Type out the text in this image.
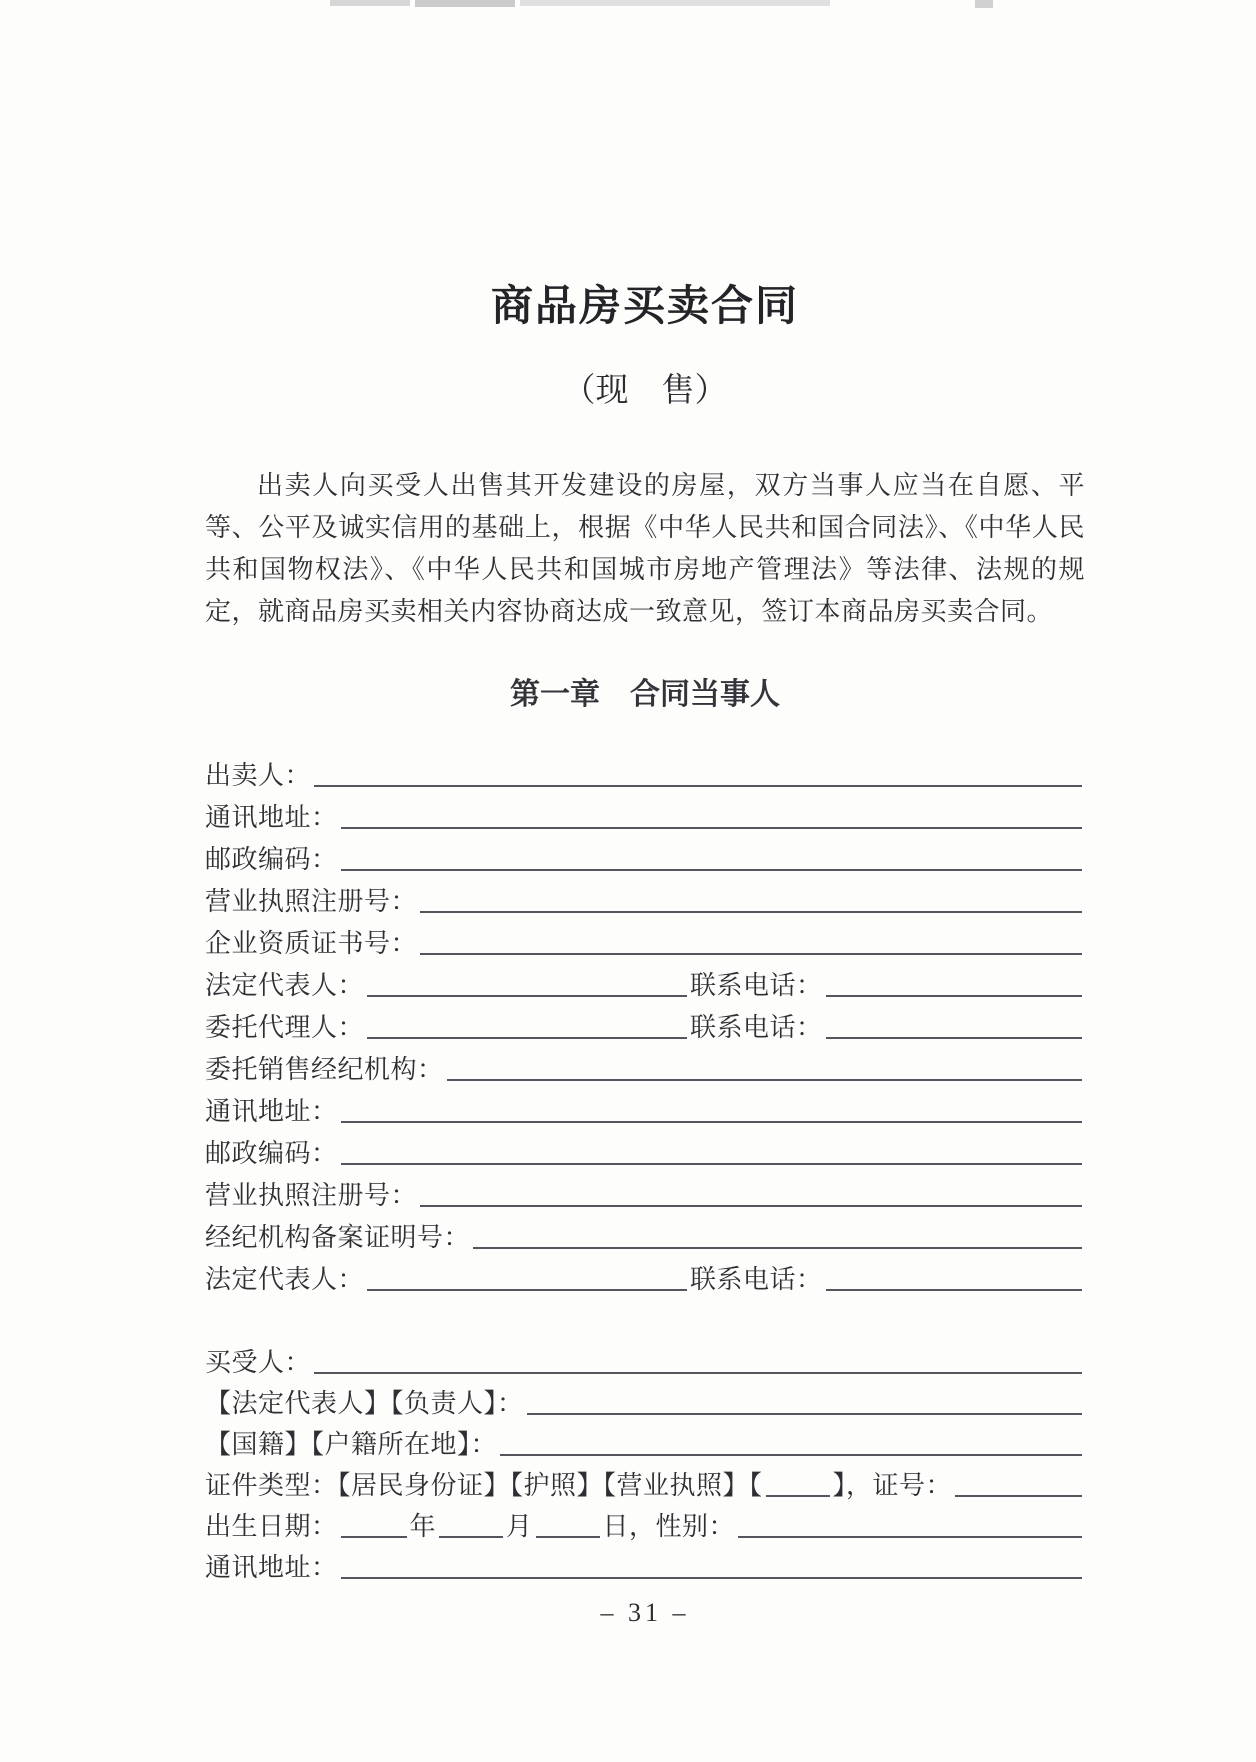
商品房买卖合同
（现　售）
出卖人向买受人出售其开发建设的房屋，双方当事人应当在自愿、平等、公平及诚实信用的基础上，根据《中华人民共和国合同法》、《中华人民共和国物权法》、《中华人民共和国城市房地产管理法》等法律、法规的规定，就商品房买卖相关内容协商达成一致意见，签订本商品房买卖合同。
第一章　合同当事人
出卖人：
通讯地址：
邮政编码：
营业执照注册号：
企业资质证书号：
法定代表人：	联系电话：
委托代理人：	联系电话：
委托销售经纪机构：
通讯地址：
邮政编码：
营业执照注册号：
经纪机构备案证明号：
法定代表人：	联系电话：
买受人：
【法定代表人】【负责人】：
【国籍】【户籍所在地】：
证件类型：【居民身份证】【护照】【营业执照】【	】，证号：
出生日期：	年	月	日，性别：
通讯地址：
– 31 –
